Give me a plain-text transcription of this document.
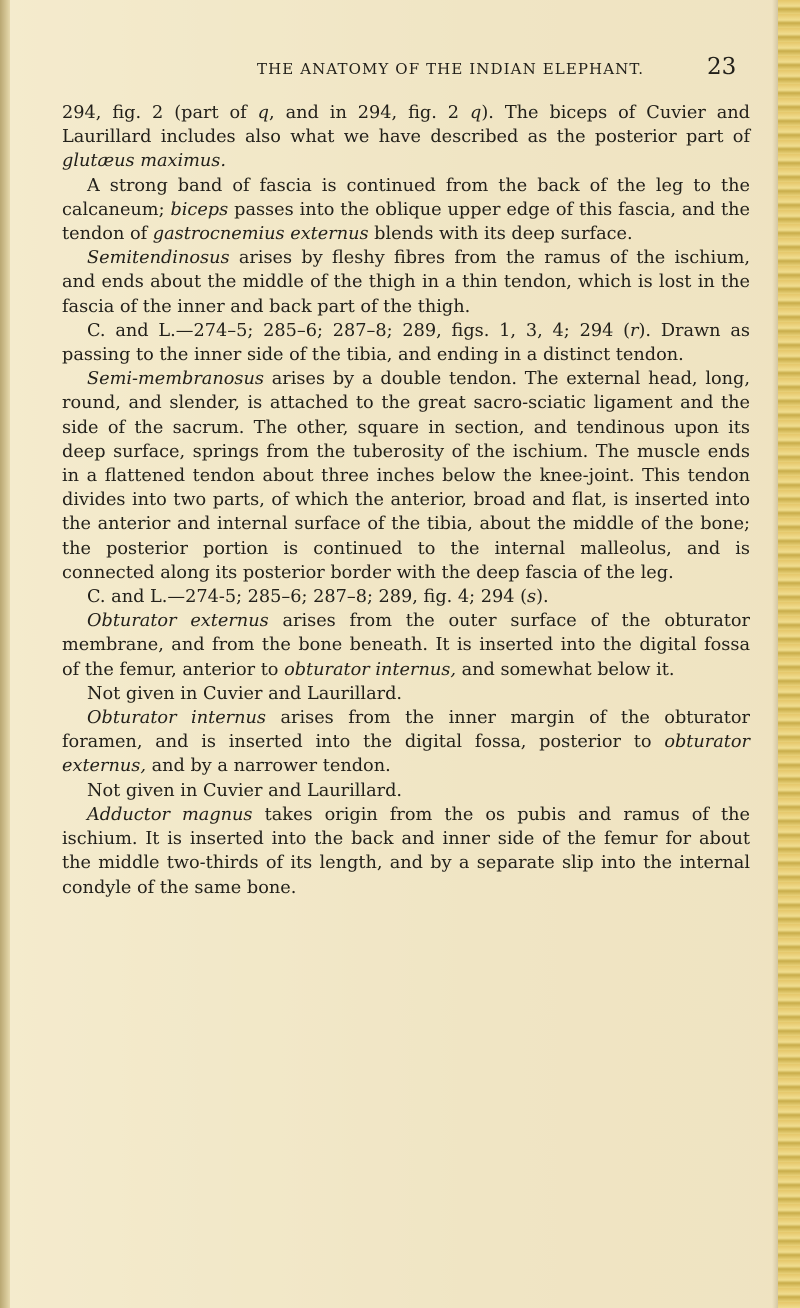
THE ANATOMY OF THE INDIAN ELEPHANT.	23

294, fig. 2 (part of q, and in 294, fig. 2 q). The biceps of Cuvier and Laurillard includes also what we have described as the posterior part of glutæus maximus.

A strong band of fascia is continued from the back of the leg to the calcaneum; biceps passes into the oblique upper edge of this fascia, and the tendon of gastrocnemius externus blends with its deep surface.

Semitendinosus arises by fleshy fibres from the ramus of the ischium, and ends about the middle of the thigh in a thin tendon, which is lost in the fascia of the inner and back part of the thigh.

C. and L.—274–5; 285–6; 287–8; 289, figs. 1, 3, 4; 294 (r). Drawn as passing to the inner side of the tibia, and ending in a distinct tendon.

Semi-membranosus arises by a double tendon. The external head, long, round, and slender, is attached to the great sacro-sciatic ligament and the side of the sacrum. The other, square in section, and tendinous upon its deep surface, springs from the tuberosity of the ischium. The muscle ends in a flattened tendon about three inches below the knee-joint. This tendon divides into two parts, of which the anterior, broad and flat, is inserted into the anterior and internal surface of the tibia, about the middle of the bone; the posterior portion is continued to the internal malleolus, and is connected along its posterior border with the deep fascia of the leg.

C. and L.—274-5; 285–6; 287–8; 289, fig. 4; 294 (s).

Obturator externus arises from the outer surface of the obturator membrane, and from the bone beneath. It is inserted into the digital fossa of the femur, anterior to obturator internus, and somewhat below it.

Not given in Cuvier and Laurillard.

Obturator internus arises from the inner margin of the obturator foramen, and is inserted into the digital fossa, posterior to obturator externus, and by a narrower tendon.

Not given in Cuvier and Laurillard.

Adductor magnus takes origin from the os pubis and ramus of the ischium. It is inserted into the back and inner side of the femur for about the middle two-thirds of its length, and by a separate slip into the internal condyle of the same bone.
